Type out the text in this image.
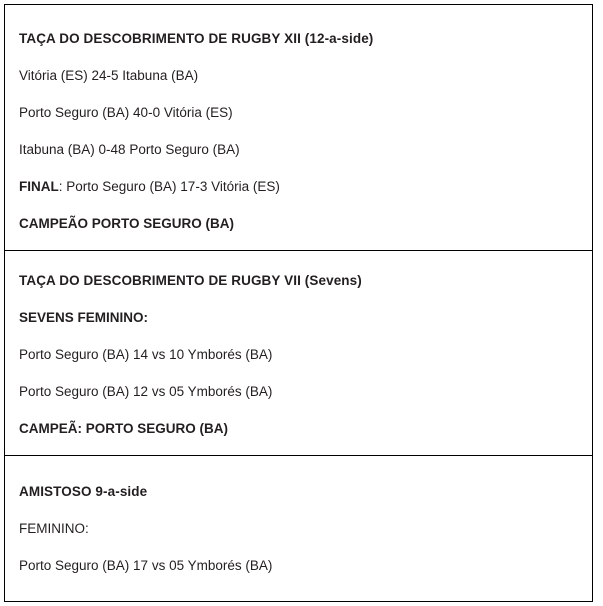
TAÇA DO DESCOBRIMENTO DE RUGBY XII (12-a-side)

Vitória (ES) 24-5 Itabuna (BA)

Porto Seguro (BA) 40-0 Vitória (ES)

Itabuna (BA) 0-48 Porto Seguro (BA)

FINAL: Porto Seguro (BA) 17-3 Vitória (ES)

CAMPEÃO PORTO SEGURO (BA)

TAÇA DO DESCOBRIMENTO DE RUGBY VII (Sevens)

SEVENS FEMININO:

Porto Seguro (BA) 14 vs 10 Ymborés (BA)

Porto Seguro (BA) 12 vs 05 Ymborés (BA)

CAMPEÃ: PORTO SEGURO (BA)

AMISTOSO 9-a-side

FEMININO:

Porto Seguro (BA) 17 vs 05 Ymborés (BA)
